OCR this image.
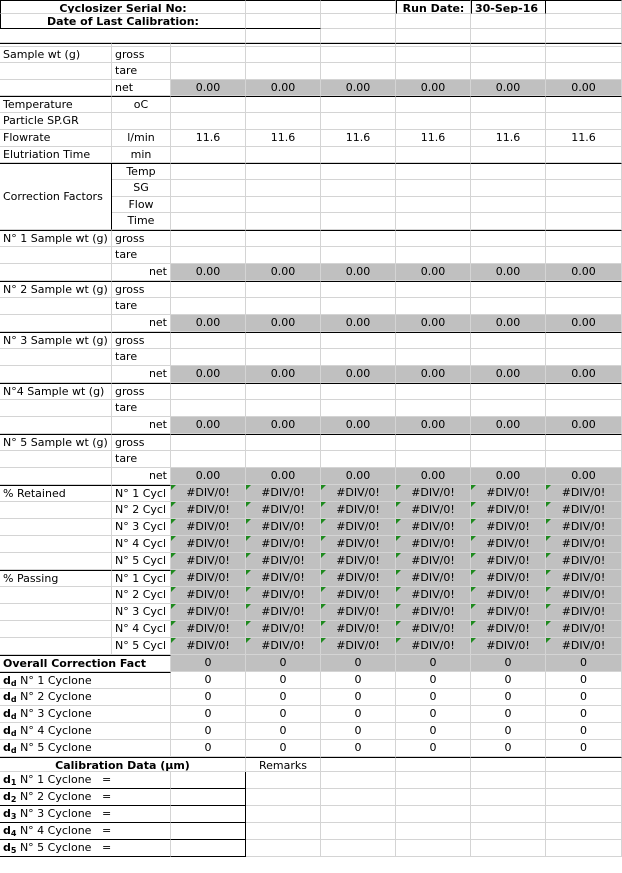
Cyclosizer Serial No:	Run Date: 30-Sep-16
Date of Last Calibration:
Sample wt (g)	gross
tare
net	0.00	0.00	0.00	0.00	0.00	0.00
Temperature	oC
Particle SP.GR
Flowrate	l/min	11.6	11.6	11.6	11.6	11.6	11.6
Elutriation Time	min
Correction Factors
Temp
SG
Flow
Time
N° 1 Sample wt (g) gross
tare
net	0.00	0.00	0.00	0.00	0.00	0.00
N° 2 Sample wt (g) gross
tare
net	0.00	0.00	0.00	0.00	0.00	0.00
N° 3 Sample wt (g) gross
tare
net	0.00	0.00	0.00	0.00	0.00	0.00
N°4 Sample wt (g) gross
tare
net	0.00	0.00	0.00	0.00	0.00	0.00
N° 5 Sample wt (g) gross
tare
net	0.00	0.00	0.00	0.00	0.00	0.00
% Retained	N° 1 Cycl	#DIV/0!	#DIV/0!	#DIV/0!	#DIV/0!	#DIV/0!	#DIV/0!
N° 2 Cycl	#DIV/0!	#DIV/0!	#DIV/0!	#DIV/0!	#DIV/0!	#DIV/0!
N° 3 Cycl	#DIV/0!	#DIV/0!	#DIV/0!	#DIV/0!	#DIV/0!	#DIV/0!
N° 4 Cycl	#DIV/0!	#DIV/0!	#DIV/0!	#DIV/0!	#DIV/0!	#DIV/0!
N° 5 Cycl	#DIV/0!	#DIV/0!	#DIV/0!	#DIV/0!	#DIV/0!	#DIV/0!
% Passing	N° 1 Cycl	#DIV/0!	#DIV/0!	#DIV/0!	#DIV/0!	#DIV/0!	#DIV/0!
N° 2 Cycl	#DIV/0!	#DIV/0!	#DIV/0!	#DIV/0!	#DIV/0!	#DIV/0!
N° 3 Cycl	#DIV/0!	#DIV/0!	#DIV/0!	#DIV/0!	#DIV/0!	#DIV/0!
N° 4 Cycl	#DIV/0!	#DIV/0!	#DIV/0!	#DIV/0!	#DIV/0!	#DIV/0!
N° 5 Cycl	#DIV/0!	#DIV/0!	#DIV/0!	#DIV/0!	#DIV/0!	#DIV/0!
Overall Correction Fact	0	0	0	0	0	0
$d_d$ N° 1 Cyclone	0	0	0	0	0	0
$d_d$ N° 2 Cyclone	0	0	0	0	0	0
$d_d$ N° 3 Cyclone	0	0	0	0	0	0
$d_d$ N° 4 Cyclone	0	0	0	0	0	0
$d_d$ N° 5 Cyclone	0	0	0	0	0	0
Calibration Data (μm)	Remarks
$d_1$ N° 1 Cyclone =
$d_2$ N° 2 Cyclone =
$d_3$ N° 3 Cyclone =
$d_4$ N° 4 Cyclone =
$d_5$ N° 5 Cyclone =
